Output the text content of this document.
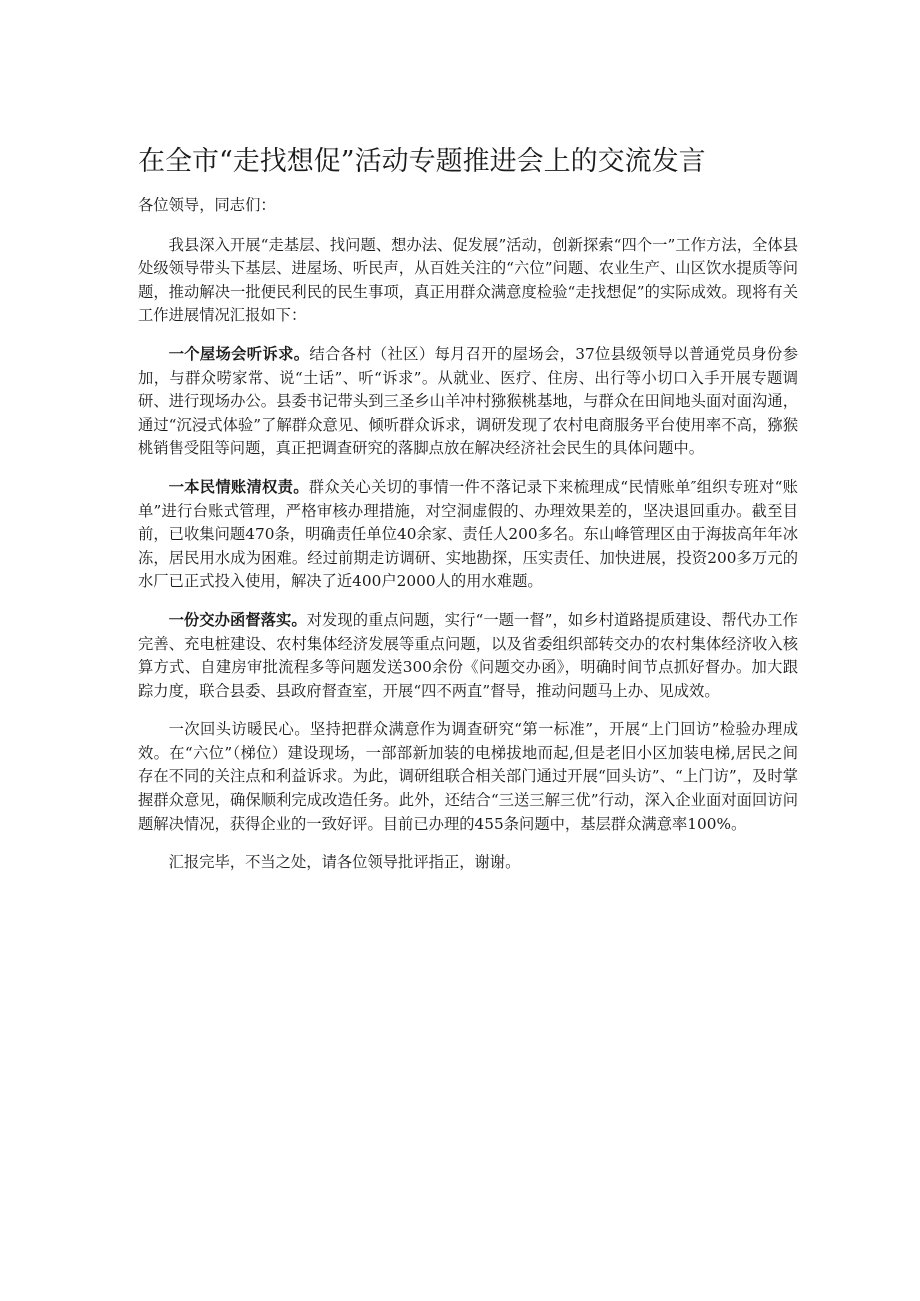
在全市“走找想促”活动专题推进会上的交流发言

各位领导，同志们：

我县深入开展“走基层、找问题、想办法、促发展”活动，创新探索“四个一”工作方法，全体县处级领导带头下基层、进屋场、听民声，从百姓关注的“六位”问题、农业生产、山区饮水提质等问题，推动解决一批便民利民的民生事项，真正用群众满意度检验“走找想促”的实际成效。现将有关工作进展情况汇报如下：

一个屋场会听诉求。结合各村（社区）每月召开的屋场会，37位县级领导以普通党员身份参加，与群众唠家常、说“土话”、听“诉求”。从就业、医疗、住房、出行等小切口入手开展专题调研、进行现场办公。县委书记带头到三圣乡山羊冲村猕猴桃基地，与群众在田间地头面对面沟通，通过“沉浸式体验”了解群众意见、倾听群众诉求，调研发现了农村电商服务平台使用率不高，猕猴桃销售受阻等问题，真正把调查研究的落脚点放在解决经济社会民生的具体问题中。

一本民情账清权责。群众关心关切的事情一件不落记录下来梳理成“民情账单″组织专班对“账单”进行台账式管理，严格审核办理措施，对空洞虚假的、办理效果差的，坚决退回重办。截至目前，已收集问题470条，明确责任单位40余家、责任人200多名。东山峰管理区由于海拔高年年冰冻，居民用水成为困难。经过前期走访调研、实地勘探，压实责任、加快进展，投资200多万元的水厂已正式投入使用，解决了近400户2000人的用水难题。

一份交办函督落实。对发现的重点问题，实行“一题一督”，如乡村道路提质建设、帮代办工作完善、充电桩建设、农村集体经济发展等重点问题，以及省委组织部转交办的农村集体经济收入核算方式、自建房审批流程多等问题发送300余份《问题交办函》，明确时间节点抓好督办。加大跟踪力度，联合县委、县政府督查室，开展“四不两直”督导，推动问题马上办、见成效。

一次回头访暖民心。坚持把群众满意作为调查研究“第一标准”，开展“上门回访”检验办理成效。在“六位”（梯位）建设现场，一部部新加装的电梯拔地而起,但是老旧小区加装电梯,居民之间存在不同的关注点和利益诉求。为此，调研组联合相关部门通过开展“回头访”、“上门访”，及时掌握群众意见，确保顺利完成改造任务。此外，还结合“三送三解三优”行动，深入企业面对面回访问题解决情况，获得企业的一致好评。目前已办理的455条问题中，基层群众满意率100%。

汇报完毕，不当之处，请各位领导批评指正，谢谢。
